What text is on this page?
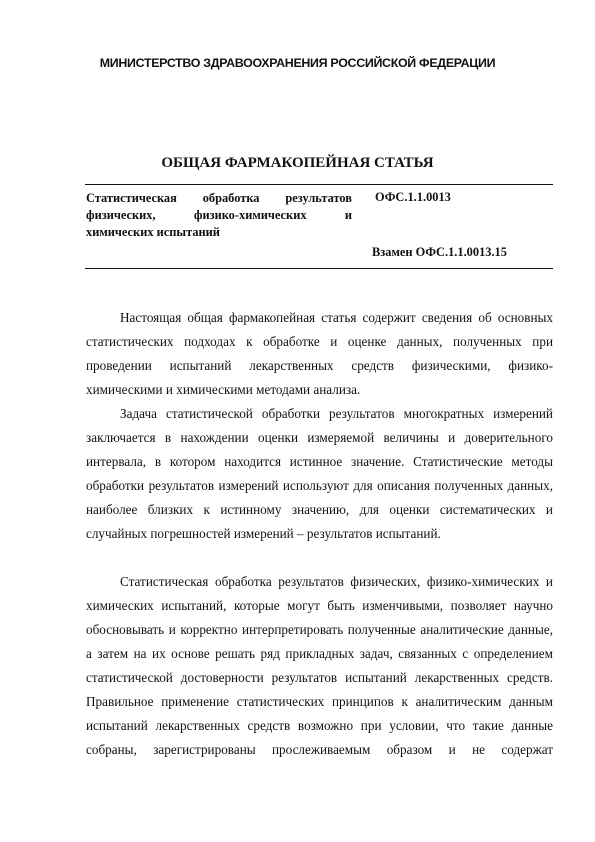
МИНИСТЕРСТВО ЗДРАВООХРАНЕНИЯ РОССИЙСКОЙ ФЕДЕРАЦИИ
ОБЩАЯ ФАРМАКОПЕЙНАЯ СТАТЬЯ
Статистическая обработка результатов физических, физико-химических и химических испытаний
ОФС.1.1.0013
Взамен ОФС.1.1.0013.15

Настоящая общая фармакопейная статья содержит сведения об основных статистических подходах к обработке и оценке данных, полученных при проведении испытаний лекарственных средств физическими, физико-химическими и химическими методами анализа.

Задача статистической обработки результатов многократных измерений заключается в нахождении оценки измеряемой величины и доверительного интервала, в котором находится истинное значение. Статистические методы обработки результатов измерений используют для описания полученных данных, наиболее близких к истинному значению, для оценки систематических и случайных погрешностей измерений – результатов испытаний.

Статистическая обработка результатов физических, физико-химических и химических испытаний, которые могут быть изменчивыми, позволяет научно обосновывать и корректно интерпретировать полученные аналитические данные, а затем на их основе решать ряд прикладных задач, связанных с определением статистической достоверности результатов испытаний лекарственных средств. Правильное применение статистических принципов к аналитическим данным испытаний лекарственных средств возможно при условии, что такие данные собраны, зарегистрированы прослеживаемым образом и не содержат
